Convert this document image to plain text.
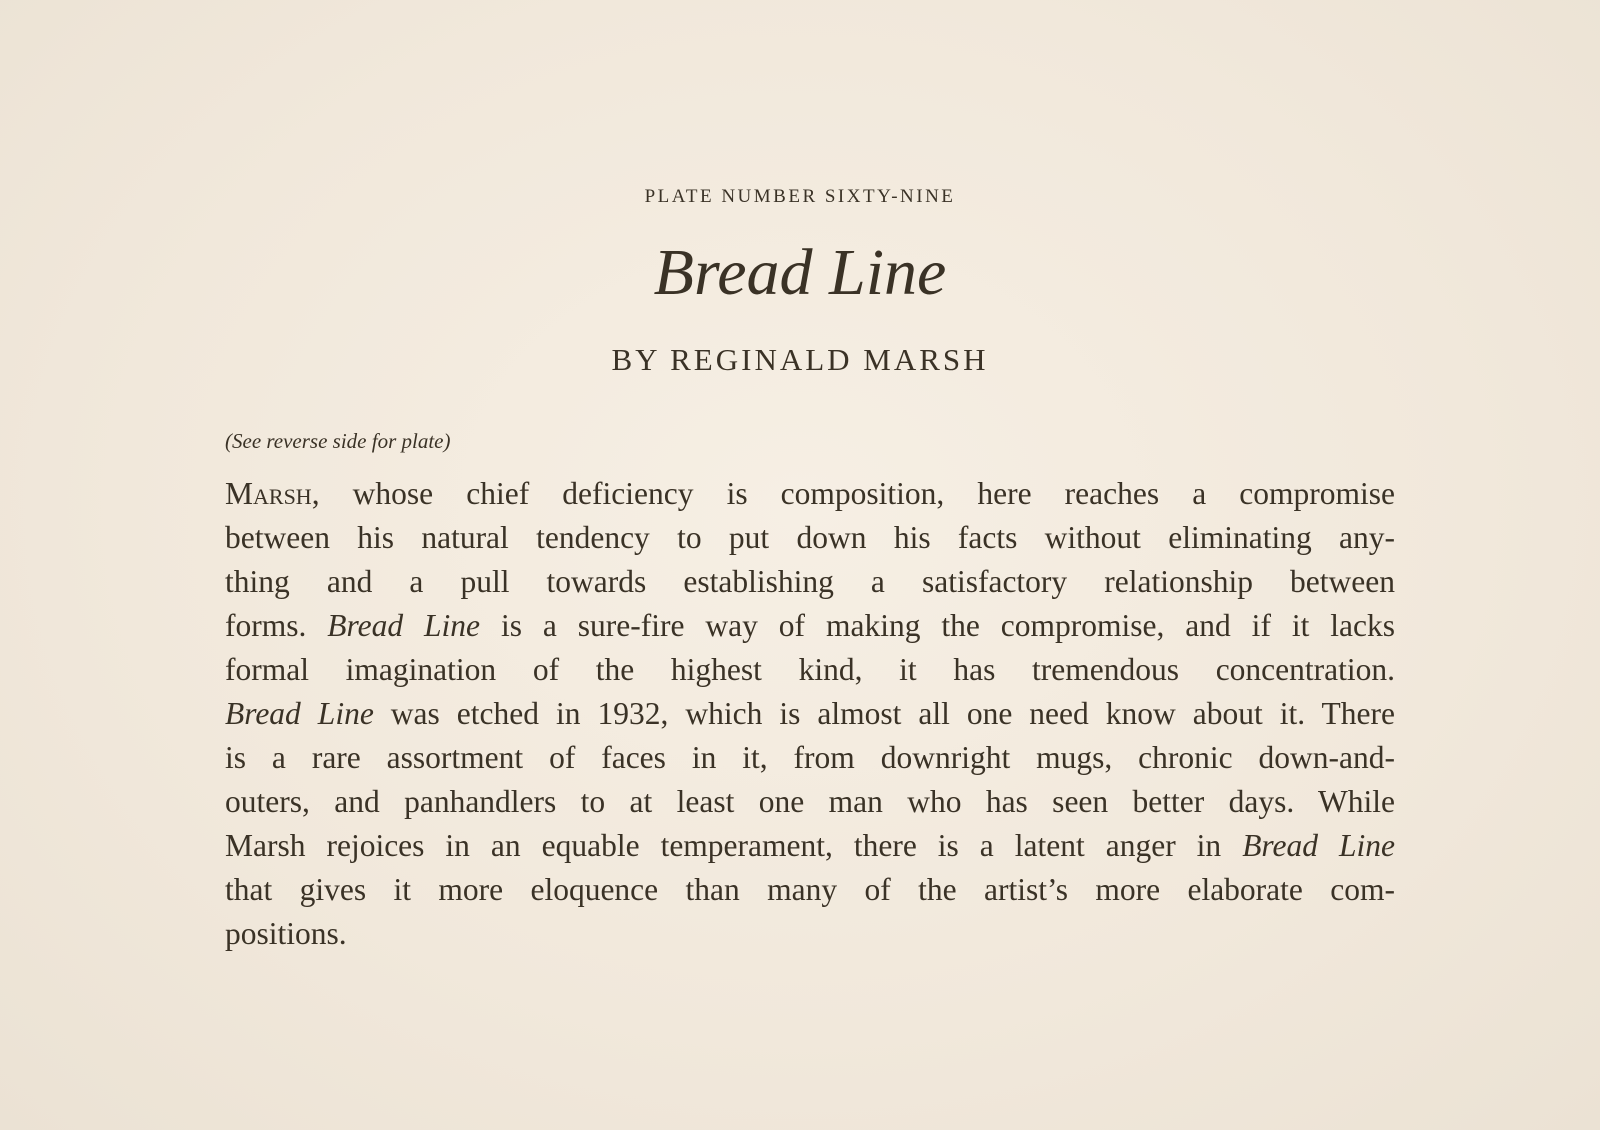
PLATE NUMBER SIXTY-NINE
Bread Line
BY REGINALD MARSH
(See reverse side for plate)
Marsh, whose chief deficiency is composition, here reaches a compromise
between his natural tendency to put down his facts without eliminating any-
thing and a pull towards establishing a satisfactory relationship between
forms. Bread Line is a sure-fire way of making the compromise, and if it lacks
formal imagination of the highest kind, it has tremendous concentration.
Bread Line was etched in 1932, which is almost all one need know about it. There
is a rare assortment of faces in it, from downright mugs, chronic down-and-
outers, and panhandlers to at least one man who has seen better days. While
Marsh rejoices in an equable temperament, there is a latent anger in Bread Line
that gives it more eloquence than many of the artist’s more elaborate com-
positions.
